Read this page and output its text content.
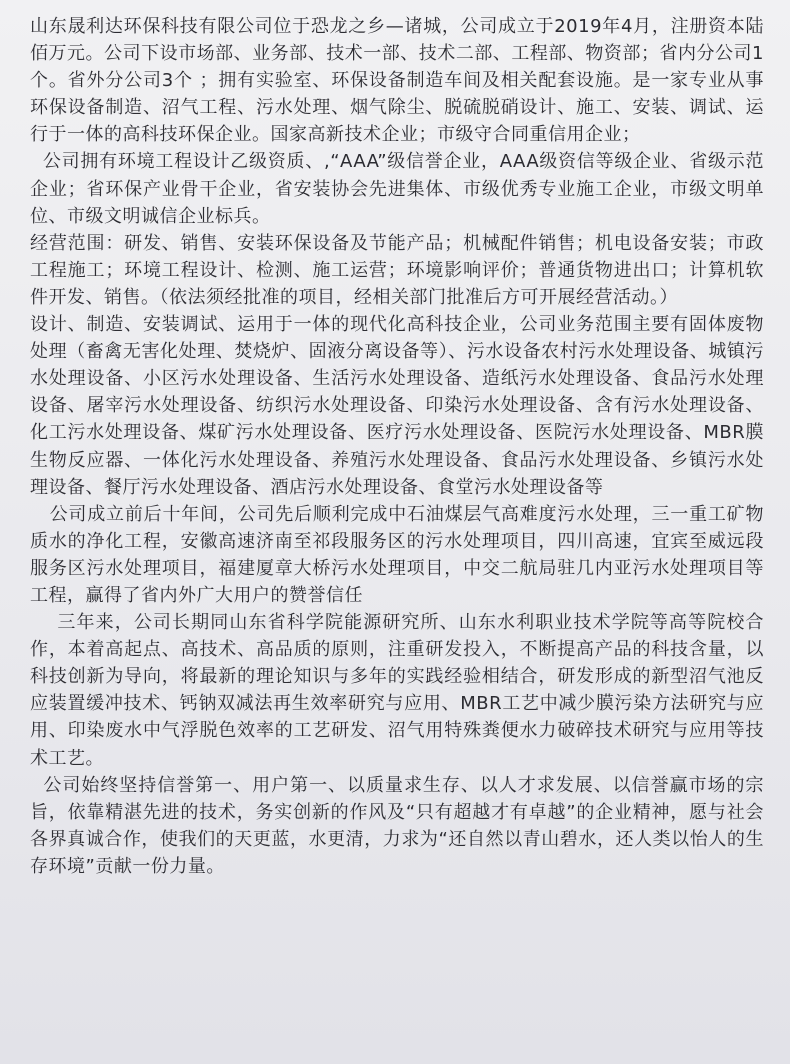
山东晟利达环保科技有限公司位于恐龙之乡—诸城，公司成立于2019年4月，注册资本陆佰万元。公司下设市场部、业务部、技术一部、技术二部、工程部、物资部；省内分公司1个。省外分公司3个 ；拥有实验室、环保设备制造车间及相关配套设施。是一家专业从事环保设备制造、沼气工程、污水处理、烟气除尘、脱硫脱硝设计、施工、安装、调试、运行于一体的高科技环保企业。国家高新技术企业；市级守合同重信用企业；

公司拥有环境工程设计乙级资质、,“AAA”级信誉企业，AAA级资信等级企业、省级示范企业；省环保产业骨干企业，省安装协会先进集体、市级优秀专业施工企业，市级文明单位、市级文明诚信企业标兵。

经营范围：研发、销售、安装环保设备及节能产品；机械配件销售；机电设备安装；市政工程施工；环境工程设计、检测、施工运营；环境影响评价；普通货物进出口；计算机软件开发、销售。（依法须经批准的项目，经相关部门批准后方可开展经营活动。）

设计、制造、安装调试、运用于一体的现代化高科技企业，公司业务范围主要有固体废物处理（畜禽无害化处理、焚烧炉、固液分离设备等）、污水设备农村污水处理设备、城镇污水处理设备、小区污水处理设备、生活污水处理设备、造纸污水处理设备、食品污水处理设备、屠宰污水处理设备、纺织污水处理设备、印染污水处理设备、含有污水处理设备、化工污水处理设备、煤矿污水处理设备、医疗污水处理设备、医院污水处理设备、MBR膜生物反应器、一体化污水处理设备、养殖污水处理设备、食品污水处理设备、乡镇污水处理设备、餐厅污水处理设备、酒店污水处理设备、食堂污水处理设备等

公司成立前后十年间，公司先后顺利完成中石油煤层气高难度污水处理，三一重工矿物质水的净化工程，安徽高速济南至祁段服务区的污水处理项目，四川高速，宜宾至威远段服务区污水处理项目，福建厦章大桥污水处理项目，中交二航局驻几内亚污水处理项目等工程，赢得了省内外广大用户的赞誉信任

三年来，公司长期同山东省科学院能源研究所、山东水利职业技术学院等高等院校合作，本着高起点、高技术、高品质的原则，注重研发投入，不断提高产品的科技含量，以科技创新为导向，将最新的理论知识与多年的实践经验相结合，研发形成的新型沼气池反应装置缓冲技术、钙钠双减法再生效率研究与应用、MBR工艺中减少膜污染方法研究与应用、印染废水中气浮脱色效率的工艺研发、沼气用特殊粪便水力破碎技术研究与应用等技术工艺。

公司始终坚持信誉第一、用户第一、以质量求生存、以人才求发展、以信誉赢市场的宗旨，依靠精湛先进的技术，务实创新的作风及“只有超越才有卓越”的企业精神，愿与社会各界真诚合作，使我们的天更蓝，水更清，力求为“还自然以青山碧水，还人类以怡人的生存环境”贡献一份力量。
